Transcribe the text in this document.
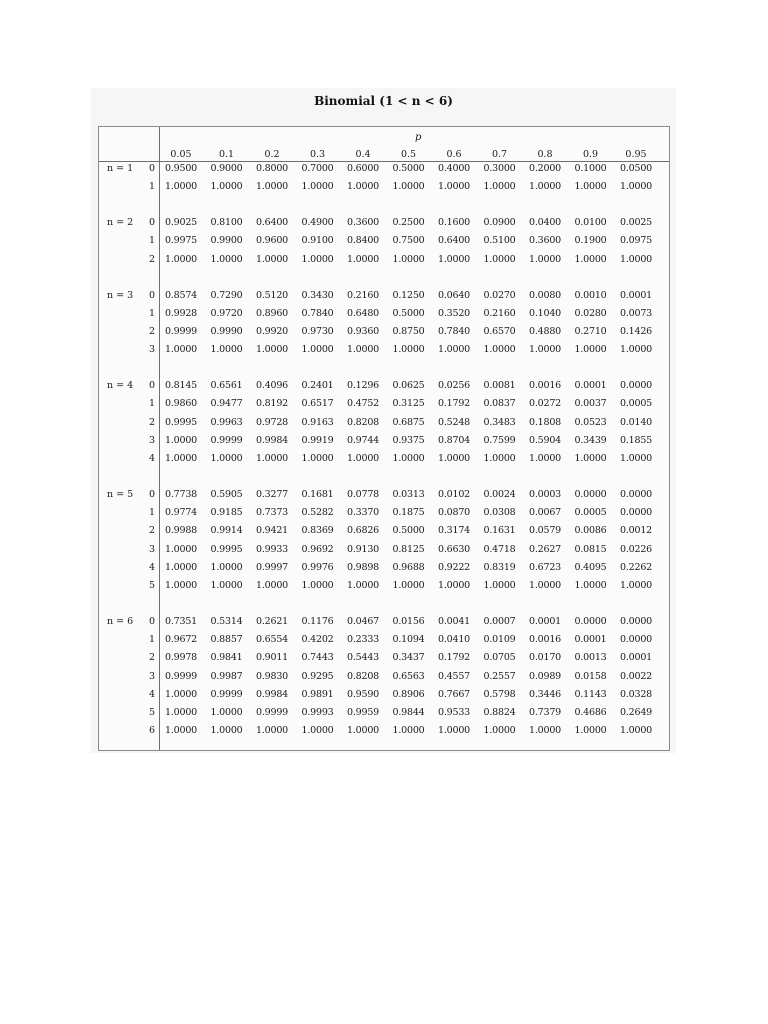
Binomial (1 < n < 6)
p
0.05	0.1	0.2	0.3	0.4	0.5	0.6	0.7	0.8	0.9	0.95
n = 1	0	0.9500	0.9000	0.8000	0.7000	0.6000	0.5000	0.4000	0.3000	0.2000	0.1000	0.0500
1	1.0000	1.0000	1.0000	1.0000	1.0000	1.0000	1.0000	1.0000	1.0000	1.0000	1.0000
n = 2	0	0.9025	0.8100	0.6400	0.4900	0.3600	0.2500	0.1600	0.0900	0.0400	0.0100	0.0025
1	0.9975	0.9900	0.9600	0.9100	0.8400	0.7500	0.6400	0.5100	0.3600	0.1900	0.0975
2	1.0000	1.0000	1.0000	1.0000	1.0000	1.0000	1.0000	1.0000	1.0000	1.0000	1.0000
n = 3	0	0.8574	0.7290	0.5120	0.3430	0.2160	0.1250	0.0640	0.0270	0.0080	0.0010	0.0001
1	0.9928	0.9720	0.8960	0.7840	0.6480	0.5000	0.3520	0.2160	0.1040	0.0280	0.0073
2	0.9999	0.9990	0.9920	0.9730	0.9360	0.8750	0.7840	0.6570	0.4880	0.2710	0.1426
3	1.0000	1.0000	1.0000	1.0000	1.0000	1.0000	1.0000	1.0000	1.0000	1.0000	1.0000
n = 4	0	0.8145	0.6561	0.4096	0.2401	0.1296	0.0625	0.0256	0.0081	0.0016	0.0001	0.0000
1	0.9860	0.9477	0.8192	0.6517	0.4752	0.3125	0.1792	0.0837	0.0272	0.0037	0.0005
2	0.9995	0.9963	0.9728	0.9163	0.8208	0.6875	0.5248	0.3483	0.1808	0.0523	0.0140
3	1.0000	0.9999	0.9984	0.9919	0.9744	0.9375	0.8704	0.7599	0.5904	0.3439	0.1855
4	1.0000	1.0000	1.0000	1.0000	1.0000	1.0000	1.0000	1.0000	1.0000	1.0000	1.0000
n = 5	0	0.7738	0.5905	0.3277	0.1681	0.0778	0.0313	0.0102	0.0024	0.0003	0.0000	0.0000
1	0.9774	0.9185	0.7373	0.5282	0.3370	0.1875	0.0870	0.0308	0.0067	0.0005	0.0000
2	0.9988	0.9914	0.9421	0.8369	0.6826	0.5000	0.3174	0.1631	0.0579	0.0086	0.0012
3	1.0000	0.9995	0.9933	0.9692	0.9130	0.8125	0.6630	0.4718	0.2627	0.0815	0.0226
4	1.0000	1.0000	0.9997	0.9976	0.9898	0.9688	0.9222	0.8319	0.6723	0.4095	0.2262
5	1.0000	1.0000	1.0000	1.0000	1.0000	1.0000	1.0000	1.0000	1.0000	1.0000	1.0000
n = 6	0	0.7351	0.5314	0.2621	0.1176	0.0467	0.0156	0.0041	0.0007	0.0001	0.0000	0.0000
1	0.9672	0.8857	0.6554	0.4202	0.2333	0.1094	0.0410	0.0109	0.0016	0.0001	0.0000
2	0.9978	0.9841	0.9011	0.7443	0.5443	0.3437	0.1792	0.0705	0.0170	0.0013	0.0001
3	0.9999	0.9987	0.9830	0.9295	0.8208	0.6563	0.4557	0.2557	0.0989	0.0158	0.0022
4	1.0000	0.9999	0.9984	0.9891	0.9590	0.8906	0.7667	0.5798	0.3446	0.1143	0.0328
5	1.0000	1.0000	0.9999	0.9993	0.9959	0.9844	0.9533	0.8824	0.7379	0.4686	0.2649
6	1.0000	1.0000	1.0000	1.0000	1.0000	1.0000	1.0000	1.0000	1.0000	1.0000	1.0000
